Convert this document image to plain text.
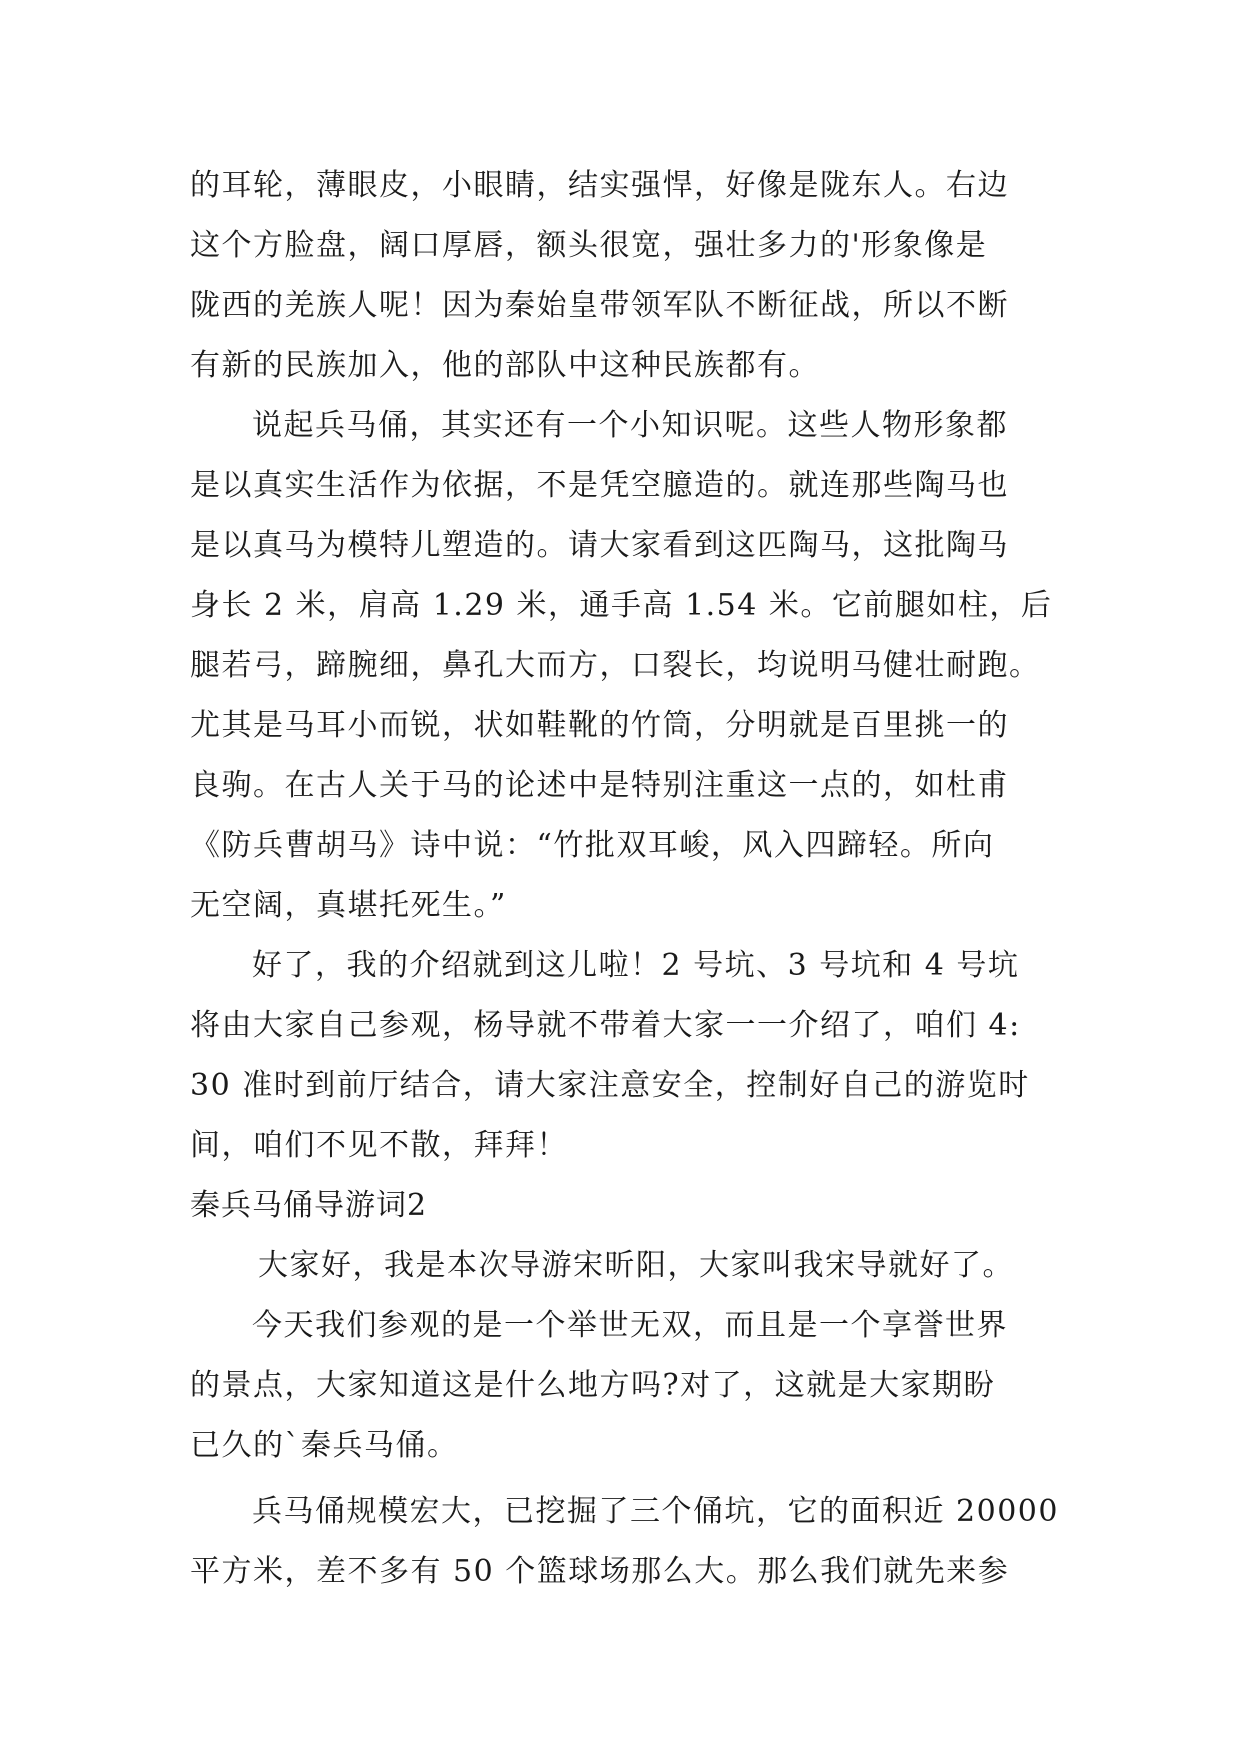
的耳轮，薄眼皮，小眼睛，结实强悍，好像是陇东人。右边
这个方脸盘，阔口厚唇，额头很宽，强壮多力的'形象像是
陇西的羌族人呢！因为秦始皇带领军队不断征战，所以不断
有新的民族加入，他的部队中这种民族都有。
说起兵马俑，其实还有一个小知识呢。这些人物形象都
是以真实生活作为依据，不是凭空臆造的。就连那些陶马也
是以真马为模特儿塑造的。请大家看到这匹陶马，这批陶马
身长 2 米，肩高 1.29 米，通手高 1.54 米。它前腿如柱，后
腿若弓，蹄腕细，鼻孔大而方，口裂长，均说明马健壮耐跑。
尤其是马耳小而锐，状如鞋靴的竹筒，分明就是百里挑一的
良驹。在古人关于马的论述中是特别注重这一点的，如杜甫
《防兵曹胡马》诗中说：“竹批双耳峻，风入四蹄轻。所向
无空阔，真堪托死生。”
好了，我的介绍就到这儿啦！2 号坑、3 号坑和 4 号坑
将由大家自己参观，杨导就不带着大家一一介绍了，咱们 4:
30 准时到前厅结合，请大家注意安全，控制好自己的游览时
间，咱们不见不散，拜拜！
秦兵马俑导游词2
大家好，我是本次导游宋昕阳，大家叫我宋导就好了。
今天我们参观的是一个举世无双，而且是一个享誉世界
的景点，大家知道这是什么地方吗?对了，这就是大家期盼
已久的`秦兵马俑。
兵马俑规模宏大，已挖掘了三个俑坑，它的面积近 20000
平方米，差不多有 50 个篮球场那么大。那么我们就先来参
